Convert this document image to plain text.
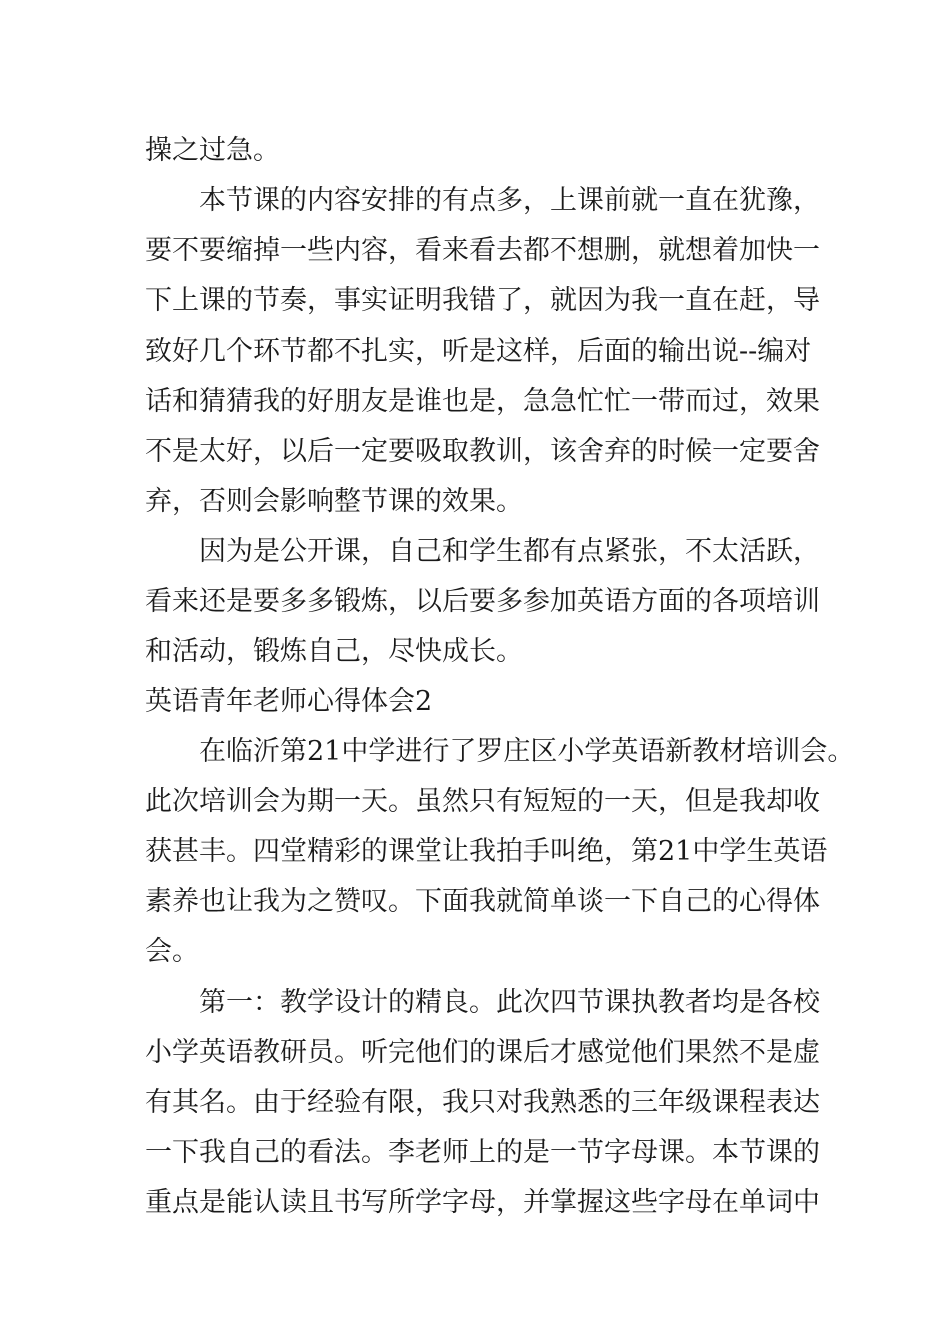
操之过急。
本节课的内容安排的有点多，上课前就一直在犹豫，
要不要缩掉一些内容，看来看去都不想删，就想着加快一
下上课的节奏，事实证明我错了，就因为我一直在赶，导
致好几个环节都不扎实，听是这样，后面的输出说--编对
话和猜猜我的好朋友是谁也是，急急忙忙一带而过，效果
不是太好，以后一定要吸取教训，该舍弃的时候一定要舍
弃，否则会影响整节课的效果。
因为是公开课，自己和学生都有点紧张，不太活跃，
看来还是要多多锻炼，以后要多参加英语方面的各项培训
和活动，锻炼自己，尽快成长。
英语青年老师心得体会2
在临沂第21中学进行了罗庄区小学英语新教材培训会。
此次培训会为期一天。虽然只有短短的一天，但是我却收
获甚丰。四堂精彩的课堂让我拍手叫绝，第21中学生英语
素养也让我为之赞叹。下面我就简单谈一下自己的心得体
会。
第一：教学设计的精良。此次四节课执教者均是各校
小学英语教研员。听完他们的课后才感觉他们果然不是虚
有其名。由于经验有限，我只对我熟悉的三年级课程表达
一下我自己的看法。李老师上的是一节字母课。本节课的
重点是能认读且书写所学字母，并掌握这些字母在单词中
